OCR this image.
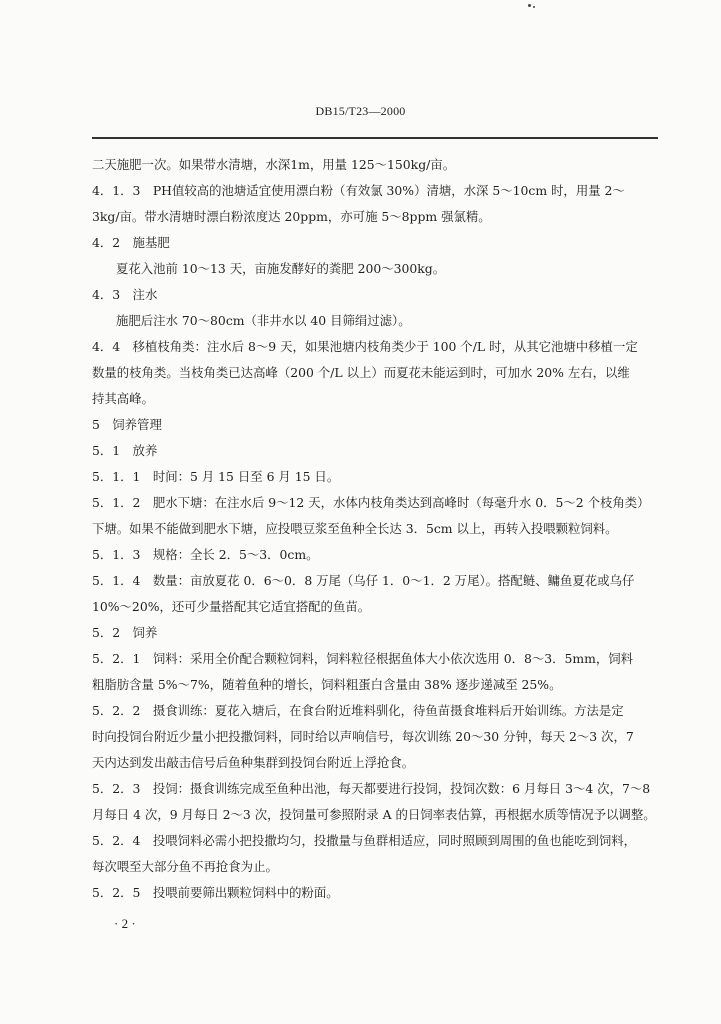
DB15/T23—2000
二天施肥一次。如果带水清塘，水深1m，用量 125～150kg/亩。
4．1．3　PH值较高的池塘适宜使用漂白粉（有效氯 30%）清塘，水深 5～10cm 时，用量 2～
3kg/亩。带水清塘时漂白粉浓度达 20ppm，亦可施 5～8ppm 强氯精。
4．2　施基肥
夏花入池前 10～13 天，亩施发酵好的粪肥 200～300kg。
4．3　注水
施肥后注水 70～80cm（非井水以 40 目筛绢过滤）。
4．4　移植枝角类：注水后 8～9 天，如果池塘内枝角类少于 100 个/L 时，从其它池塘中移植一定
数量的枝角类。当枝角类已达高峰（200 个/L 以上）而夏花未能运到时，可加水 20% 左右，以维
持其高峰。
5　饲养管理
5．1　放养
5．1．1　时间：5 月 15 日至 6 月 15 日。
5．1．2　肥水下塘：在注水后 9～12 天，水体内枝角类达到高峰时（每毫升水 0．5～2 个枝角类）
下塘。如果不能做到肥水下塘，应投喂豆浆至鱼种全长达 3．5cm 以上，再转入投喂颗粒饲料。
5．1．3　规格：全长 2．5～3．0cm。
5．1．4　数量：亩放夏花 0．6～0．8 万尾（乌仔 1．0～1．2 万尾）。搭配鲢、鳙鱼夏花或乌仔
10%～20%，还可少量搭配其它适宜搭配的鱼苗。
5．2　饲养
5．2．1　饲料：采用全价配合颗粒饲料，饲料粒径根据鱼体大小依次选用 0．8～3．5mm，饲料
粗脂肪含量 5%～7%，随着鱼种的增长，饲料粗蛋白含量由 38% 逐步递减至 25%。
5．2．2　摄食训练：夏花入塘后，在食台附近堆料驯化，待鱼苗摄食堆料后开始训练。方法是定
时向投饲台附近少量小把投撒饲料，同时给以声响信号，每次训练 20～30 分钟，每天 2～3 次，7
天内达到发出敲击信号后鱼种集群到投饲台附近上浮抢食。
5．2．3　投饲：摄食训练完成至鱼种出池，每天都要进行投饲，投饲次数：6 月每日 3～4 次，7～8
月每日 4 次，9 月每日 2～3 次，投饲量可参照附录 A 的日饲率表估算，再根据水质等情况予以调整。
5．2．4　投喂饲料必需小把投撒均匀，投撒量与鱼群相适应，同时照顾到周围的鱼也能吃到饲料，
每次喂至大部分鱼不再抢食为止。
5．2．5　投喂前要筛出颗粒饲料中的粉面。
· 2 ·
